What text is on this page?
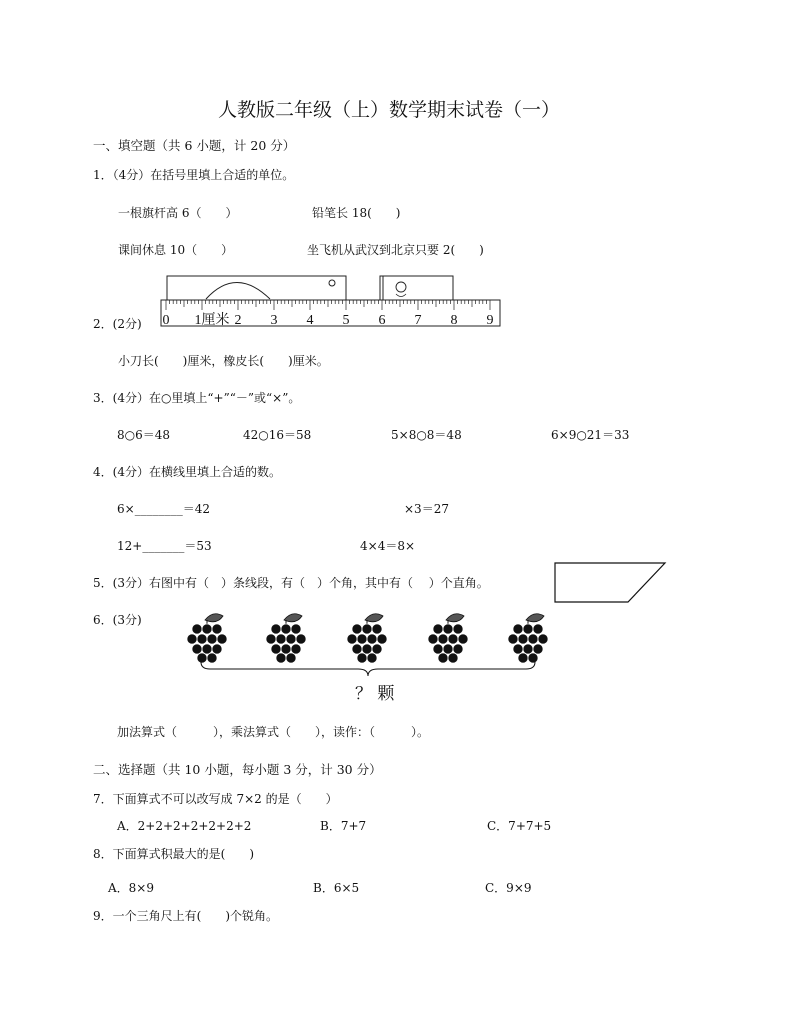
人教版二年级（上）数学期末试卷（一）
一、填空题（共 6 小题，计 20 分）
1．（4分）在括号里填上合适的单位。
一根旗杆高 6（　　）	铅笔长 18(　　)
课间休息 10（　　）	坐飞机从武汉到北京只要 2(　　)
2．(2分) 0 1厘米 2 3 4 5 6 7 8 9
小刀长(　　)厘米，橡皮长(　　)厘米。
3．(4分）在○里填上“+”“－”或“×”。
8○6＝48	42○16＝58	5×8○8＝48	6×9○21＝33
4．(4分）在横线里填上合适的数。
6×________＝42	×3＝27
12+_______＝53	4×4＝8×
5．(3分）右图中有（　）条线段，有（　）个角，其中有（　 ）个直角。
6．(3分)
？ 颗
加法算式（　　　），乘法算式（　　），读作：（　　　）。
二、选择题（共 10 小题，每小题 3 分，计 30 分）
7．下面算式不可以改写成 7×2 的是（　　）
A．2+2+2+2+2+2+2	B．7+7	C．7+7+5
8．下面算式积最大的是(　　)
A．8×9	B．6×5	C．9×9
9．一个三角尺上有(　　)个锐角。
